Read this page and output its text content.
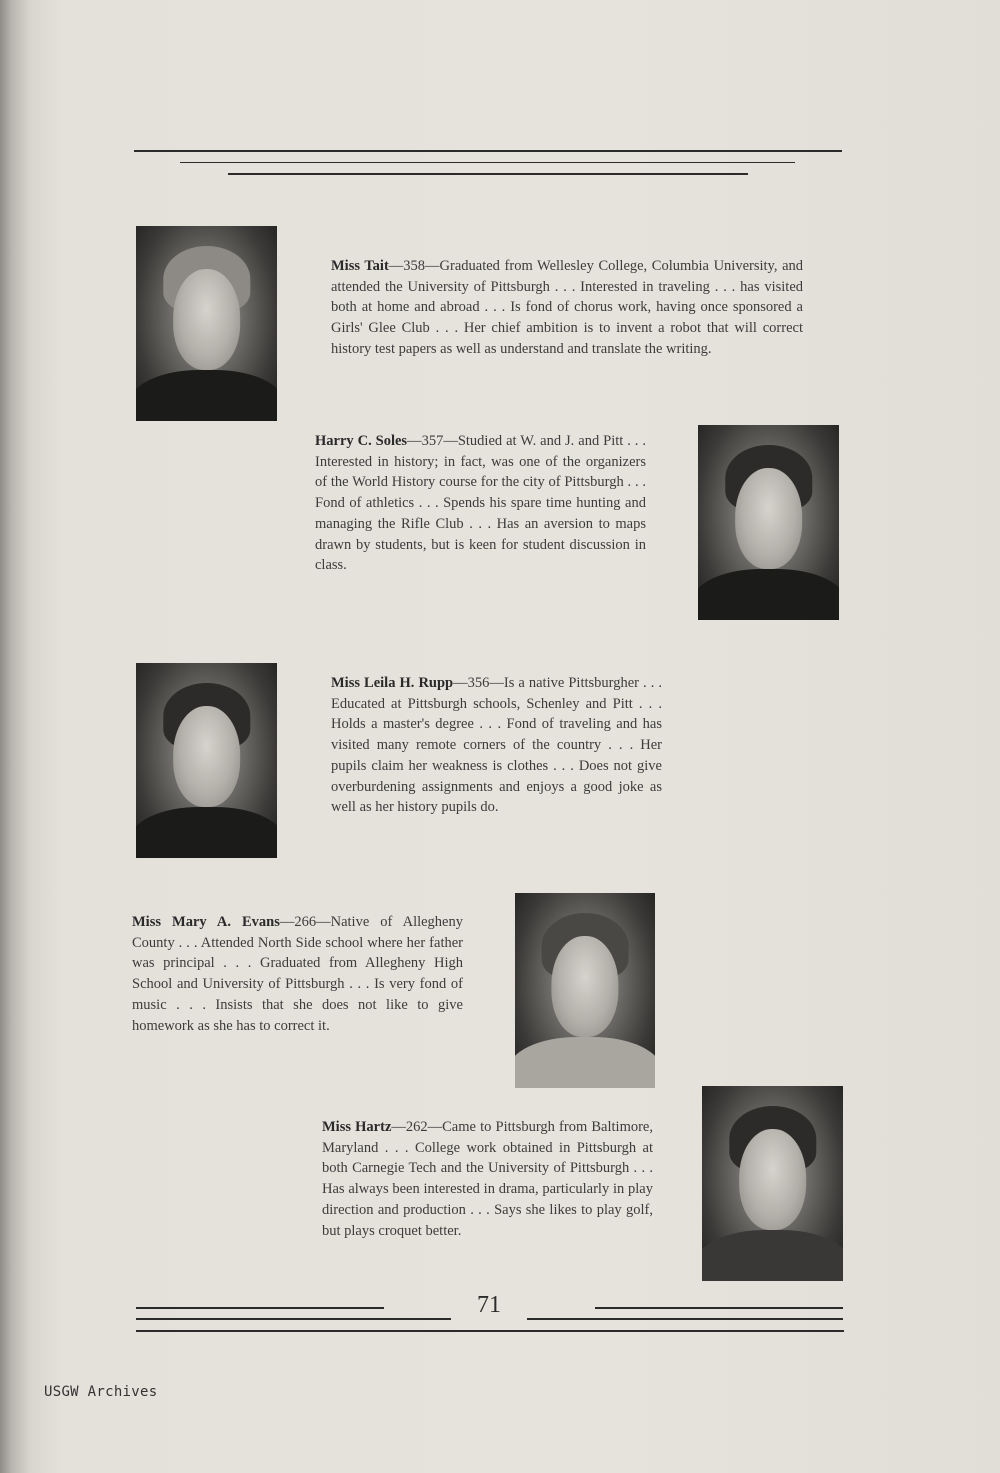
Miss Tait—358—Graduated from Wellesley College, Columbia University, and attended the University of Pittsburgh . . . Interested in traveling . . . has visited both at home and abroad . . . Is fond of chorus work, having once sponsored a Girls' Glee Club . . . Her chief ambition is to invent a robot that will correct history test papers as well as understand and translate the writing.

Harry C. Soles—357—Studied at W. and J. and Pitt . . . Interested in history; in fact, was one of the organizers of the World History course for the city of Pittsburgh . . . Fond of athletics . . . Spends his spare time hunting and managing the Rifle Club . . . Has an aversion to maps drawn by students, but is keen for student discussion in class.

Miss Leila H. Rupp—356—Is a native Pittsburgher . . . Educated at Pittsburgh schools, Schenley and Pitt . . . Holds a master's degree . . . Fond of traveling and has visited many remote corners of the country . . . Her pupils claim her weakness is clothes . . . Does not give overburdening assignments and enjoys a good joke as well as her history pupils do.

Miss Mary A. Evans—266—Native of Allegheny County . . . Attended North Side school where her father was principal . . . Graduated from Allegheny High School and University of Pittsburgh . . . Is very fond of music . . . Insists that she does not like to give homework as she has to correct it.

Miss Hartz—262—Came to Pittsburgh from Baltimore, Maryland . . . College work obtained in Pittsburgh at both Carnegie Tech and the University of Pittsburgh . . . Has always been interested in drama, particularly in play direction and production . . . Says she likes to play golf, but plays croquet better.

71
USGW Archives
